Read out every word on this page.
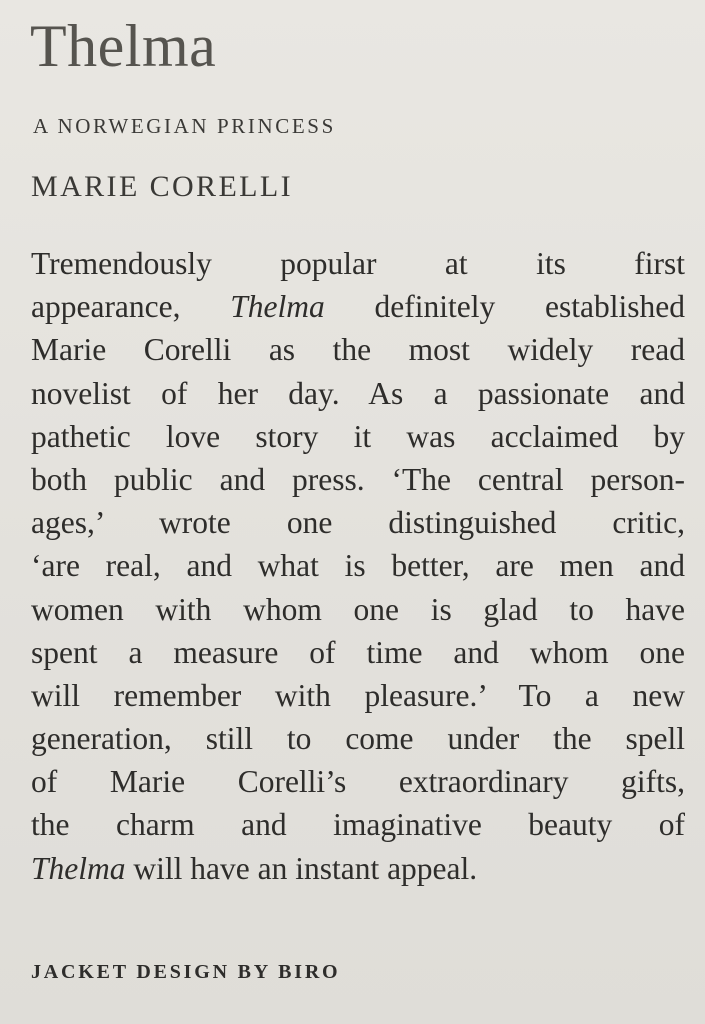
Thelma
A NORWEGIAN PRINCESS
MARIE CORELLI
Tremendously popular at its first
appearance, Thelma definitely established
Marie Corelli as the most widely read
novelist of her day. As a passionate and
pathetic love story it was acclaimed by
both public and press. ‘The central person-
ages,’ wrote one distinguished critic,
‘are real, and what is better, are men and
women with whom one is glad to have
spent a measure of time and whom one
will remember with pleasure.’ To a new
generation, still to come under the spell
of Marie Corelli’s extraordinary gifts,
the charm and imaginative beauty of
Thelma will have an instant appeal.

JACKET DESIGN BY BIRO
